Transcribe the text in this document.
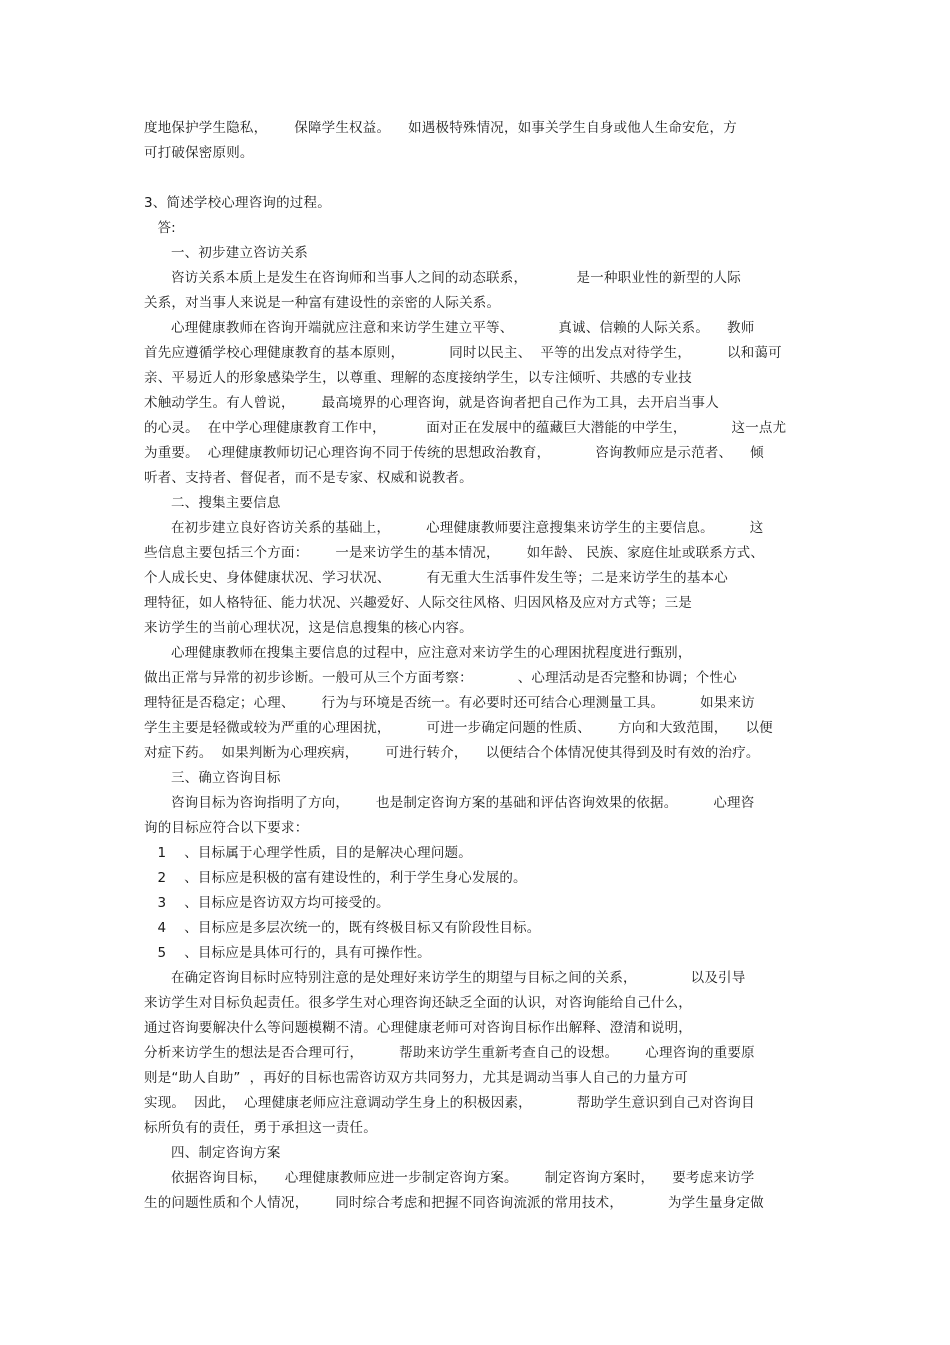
度地保护学生隐私，      保障学生权益。    如遇极特殊情况，如事关学生自身或他人生命安危，方
可打破保密原则。
3、简述学校心理咨询的过程。
答:
一、初步建立咨访关系
咨访关系本质上是发生在咨询师和当事人之间的动态联系，           是一种职业性的新型的人际
关系，对当事人来说是一种富有建设性的亲密的人际关系。
心理健康教师在咨询开端就应注意和来访学生建立平等、          真诚、信赖的人际关系。    教师
首先应遵循学校心理健康教育的基本原则，          同时以民主、  平等的出发点对待学生，        以和蔼可
亲、平易近人的形象感染学生，以尊重、理解的态度接纳学生，以专注倾听、共感的专业技
术触动学生。有人曾说，      最高境界的心理咨询，就是咨询者把自己作为工具，去开启当事人
的心灵。  在中学心理健康教育工作中，         面对正在发展中的蕴藏巨大潜能的中学生，          这一点尤
为重要。  心理健康教师切记心理咨询不同于传统的思想政治教育，          咨询教师应是示范者、    倾
听者、支持者、督促者，而不是专家、权威和说教者。
二、搜集主要信息
在初步建立良好咨访关系的基础上，        心理健康教师要注意搜集来访学生的主要信息。        这
些信息主要包括三个方面：      一是来访学生的基本情况，      如年龄、 民族、家庭住址或联系方式、
个人成长史、身体健康状况、学习状况、        有无重大生活事件发生等；二是来访学生的基本心
理特征，如人格特征、能力状况、兴趣爱好、人际交往风格、归因风格及应对方式等；三是
来访学生的当前心理状况，这是信息搜集的核心内容。
心理健康教师在搜集主要信息的过程中，应注意对来访学生的心理困扰程度进行甄别，
做出正常与异常的初步诊断。一般可从三个方面考察：          、心理活动是否完整和协调；个性心
理特征是否稳定；心理、      行为与环境是否统一。有必要时还可结合心理测量工具。        如果来访
学生主要是轻微或较为严重的心理困扰，        可进一步确定问题的性质、      方向和大致范围，    以便
对症下药。  如果判断为心理疾病，      可进行转介，    以便结合个体情况使其得到及时有效的治疗。
三、确立咨询目标
咨询目标为咨询指明了方向，      也是制定咨询方案的基础和评估咨询效果的依据。        心理咨
询的目标应符合以下要求：
1    、目标属于心理学性质，目的是解决心理问题。
2    、目标应是积极的富有建设性的，利于学生身心发展的。
3    、目标应是咨访双方均可接受的。
4    、目标应是多层次统一的，既有终极目标又有阶段性目标。
5    、目标应是具体可行的，具有可操作性。
在确定咨询目标时应特别注意的是处理好来访学生的期望与目标之间的关系，            以及引导
来访学生对目标负起责任。很多学生对心理咨询还缺乏全面的认识，对咨询能给自己什么，
通过咨询要解决什么等问题模糊不清。心理健康老师可对咨询目标作出解释、澄清和说明，
分析来访学生的想法是否合理可行，        帮助来访学生重新考查自己的设想。      心理咨询的重要原
则是“助人自助”  ，再好的目标也需咨访双方共同努力，尤其是调动当事人自己的力量方可
实现。  因此，  心理健康老师应注意调动学生身上的积极因素，          帮助学生意识到自己对咨询目
标所负有的责任，勇于承担这一责任。
四、制定咨询方案
依据咨询目标，    心理健康教师应进一步制定咨询方案。      制定咨询方案时，    要考虑来访学
生的问题性质和个人情况，      同时综合考虑和把握不同咨询流派的常用技术，          为学生量身定做
